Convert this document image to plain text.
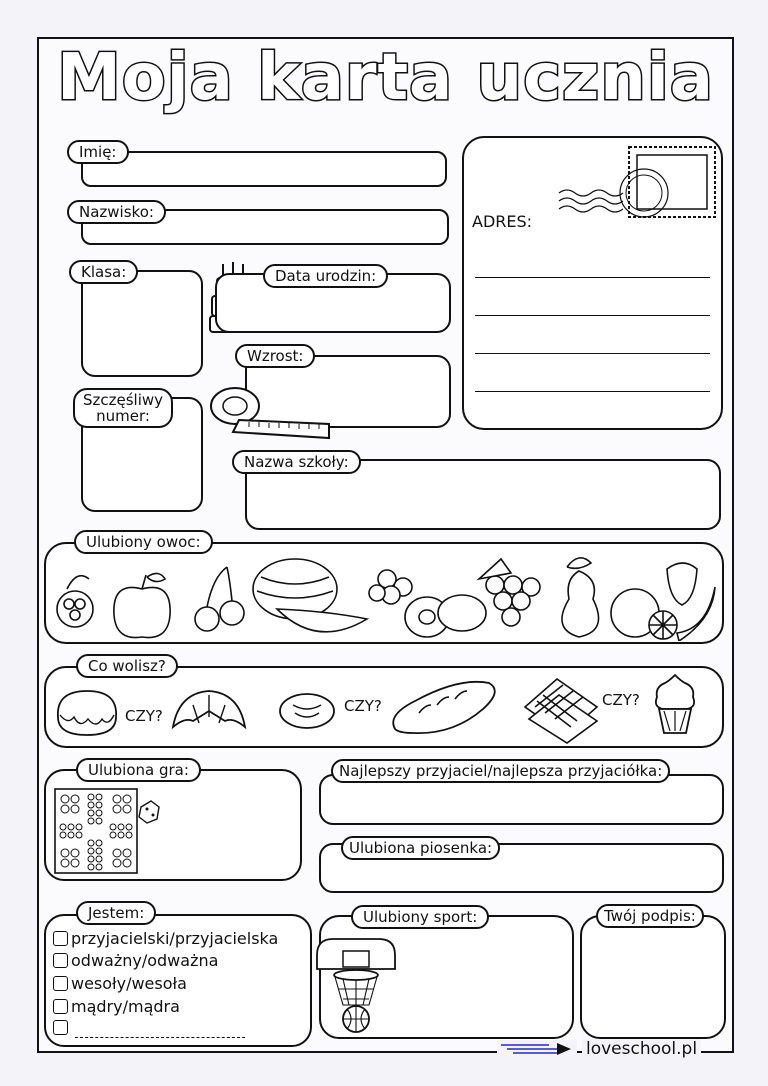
Moja karta ucznia
Imię:
Nazwisko:	ADRES:
Klasa:	Data urodzin:
Wzrost:
Szczęśliwy
numer:
Nazwa szkoły:
Ulubiony owoc:
Co wolisz?
CZY?
CZY?	CZY?
Ulubiona gra:	Najlepszy przyjaciel/najlepsza przyjaciółka:
Ulubiona piosenka:
Jestem:
przyjacielski/przyjacielska
odważny/odważna
wesoły/wesoła
mądry/mądra
Ulubiony sport:	Twój podpis:
loveschool.pl
